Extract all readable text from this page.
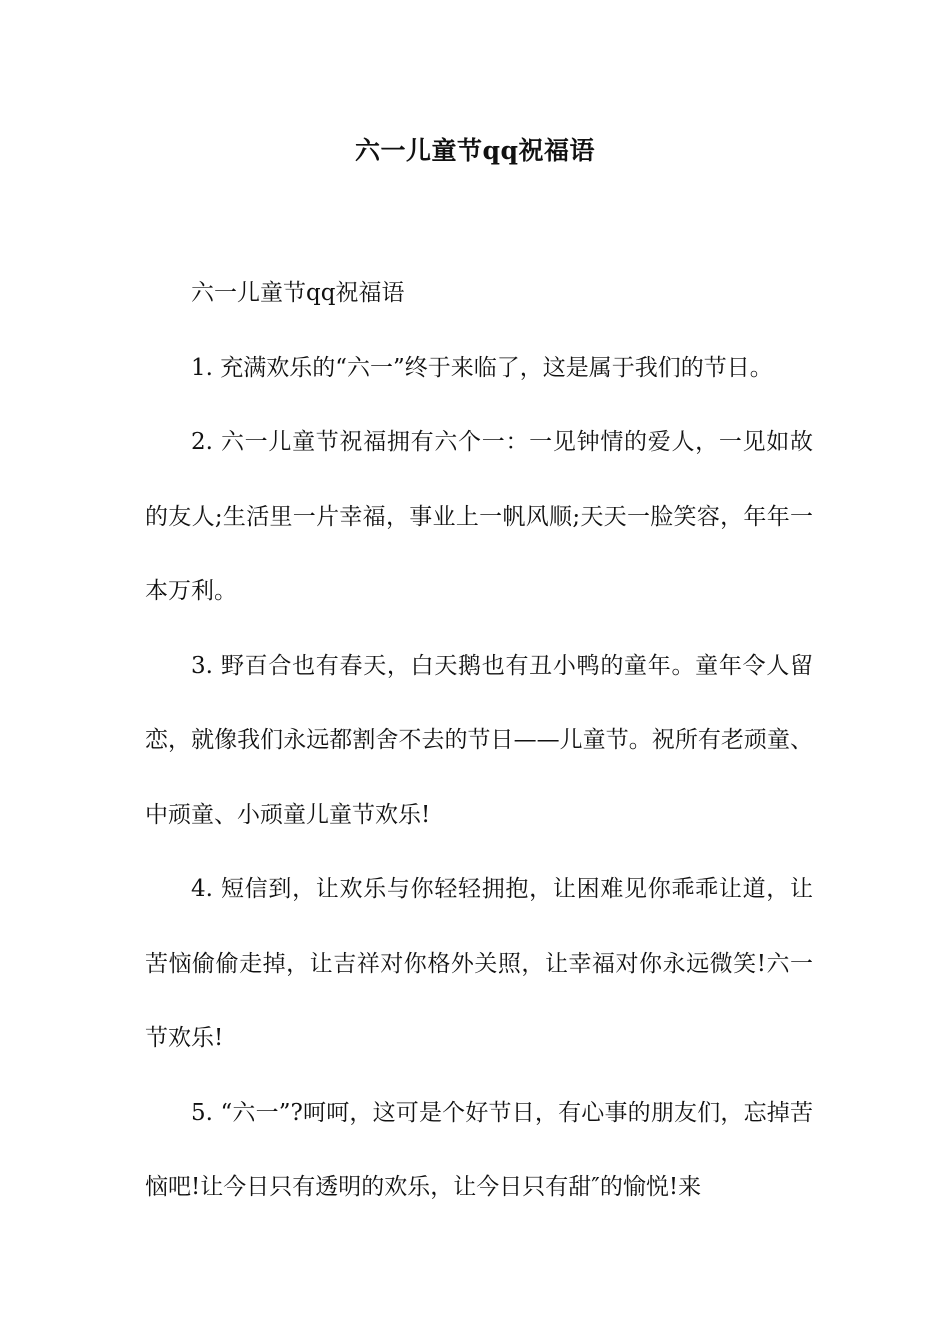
六一儿童节qq祝福语

六一儿童节qq祝福语

1. 充满欢乐的“六一”终于来临了，这是属于我们的节日。

2. 六一儿童节祝福拥有六个一：一见钟情的爱人，一见如故的友人;生活里一片幸福，事业上一帆风顺;天天一脸笑容，年年一本万利。

3. 野百合也有春天，白天鹅也有丑小鸭的童年。童年令人留恋，就像我们永远都割舍不去的节日——儿童节。祝所有老顽童、中顽童、小顽童儿童节欢乐!

4. 短信到，让欢乐与你轻轻拥抱，让困难见你乖乖让道，让苦恼偷偷走掉，让吉祥对你格外关照，让幸福对你永远微笑!六一节欢乐!

5. “六一”?呵呵，这可是个好节日，有心事的朋友们，忘掉苦恼吧!让今日只有透明的欢乐，让今日只有甜″的愉悦!来
